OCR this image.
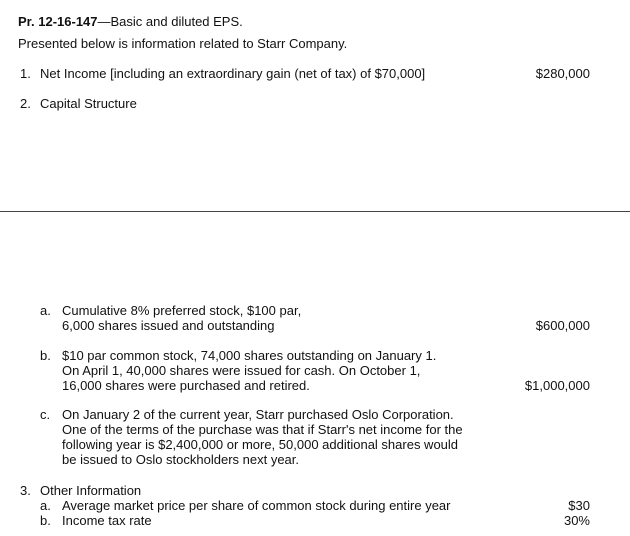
Pr. 12-16-147—Basic and diluted EPS.
Presented below is information related to Starr Company.
1. Net Income [including an extraordinary gain (net of tax) of $70,000]	$280,000
2. Capital Structure
a. Cumulative 8% preferred stock, $100 par,
6,000 shares issued and outstanding	$600,000
b. $10 par common stock, 74,000 shares outstanding on January 1.
On April 1, 40,000 shares were issued for cash. On October 1,
16,000 shares were purchased and retired.	$1,000,000
c. On January 2 of the current year, Starr purchased Oslo Corporation.
One of the terms of the purchase was that if Starr's net income for the
following year is $2,400,000 or more, 50,000 additional shares would
be issued to Oslo stockholders next year.
3. Other Information
a. Average market price per share of common stock during entire year	$30
b. Income tax rate	30%
